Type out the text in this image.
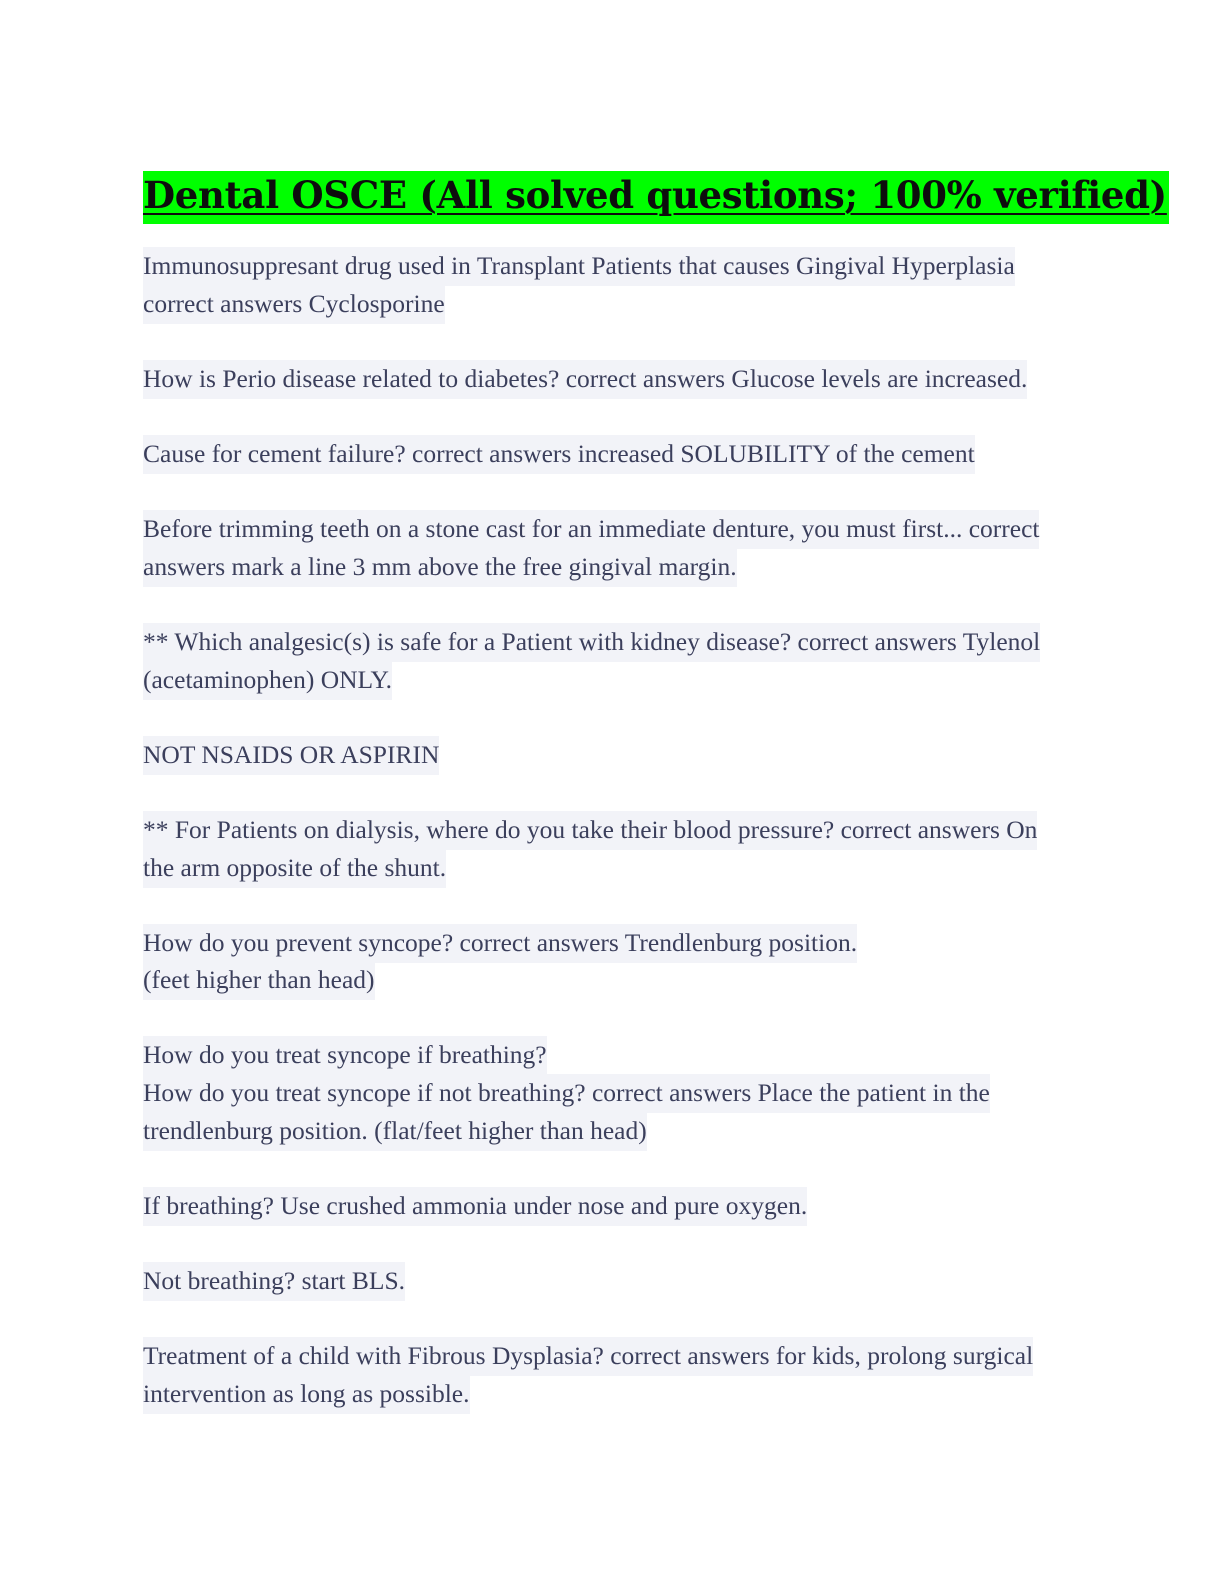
Dental OSCE (All solved questions; 100% verified)

Immunosuppresant drug used in Transplant Patients that causes Gingival Hyperplasia correct answers Cyclosporine

How is Perio disease related to diabetes? correct answers Glucose levels are increased.

Cause for cement failure? correct answers increased SOLUBILITY of the cement

Before trimming teeth on a stone cast for an immediate denture, you must first... correct answers mark a line 3 mm above the free gingival margin.

** Which analgesic(s) is safe for a Patient with kidney disease? correct answers Tylenol (acetaminophen) ONLY.

NOT NSAIDS OR ASPIRIN

** For Patients on dialysis, where do you take their blood pressure? correct answers On the arm opposite of the shunt.

How do you prevent syncope? correct answers Trendlenburg position.
(feet higher than head)

How do you treat syncope if breathing?
How do you treat syncope if not breathing? correct answers Place the patient in the trendlenburg position. (flat/feet higher than head)

If breathing? Use crushed ammonia under nose and pure oxygen.

Not breathing? start BLS.

Treatment of a child with Fibrous Dysplasia? correct answers for kids, prolong surgical intervention as long as possible.
